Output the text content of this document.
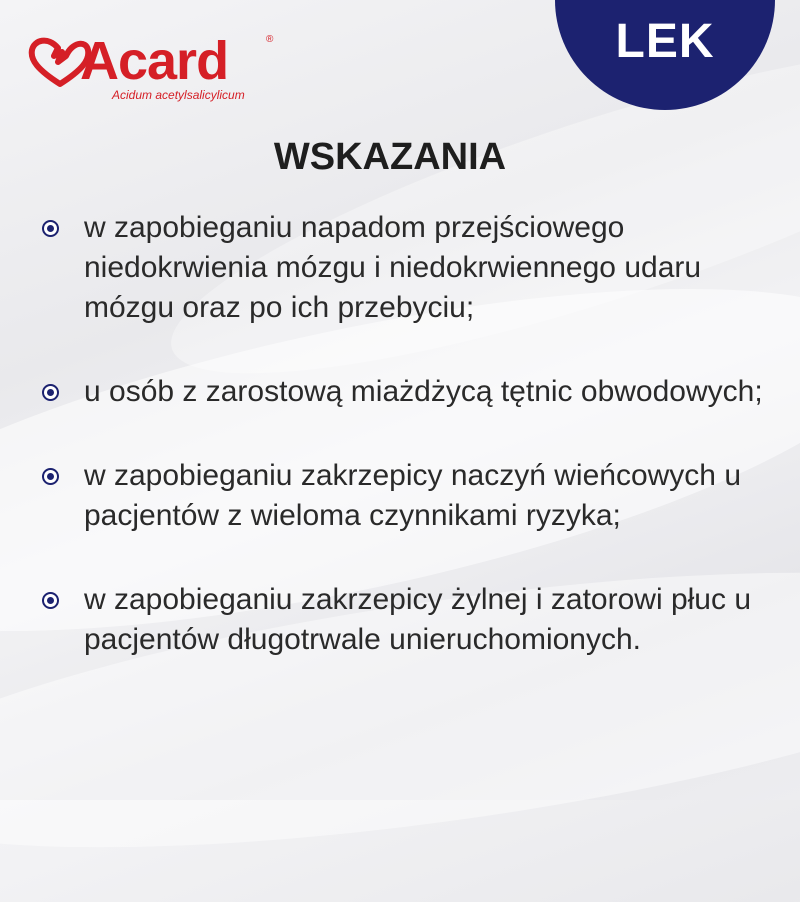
Acard	®
Acidum acetylsalicylicum
LEK
WSKAZANIA
w zapobieganiu napadom przejściowego niedokrwienia mózgu i niedokrwiennego udaru mózgu oraz po ich przebyciu;
u osób z zarostową miażdżycą tętnic obwodowych;
w zapobieganiu zakrzepicy naczyń wieńcowych u pacjentów z wieloma czynnikami ryzyka;
w zapobieganiu zakrzepicy żylnej i zatorowi płuc u pacjentów długotrwale unieruchomionych.
